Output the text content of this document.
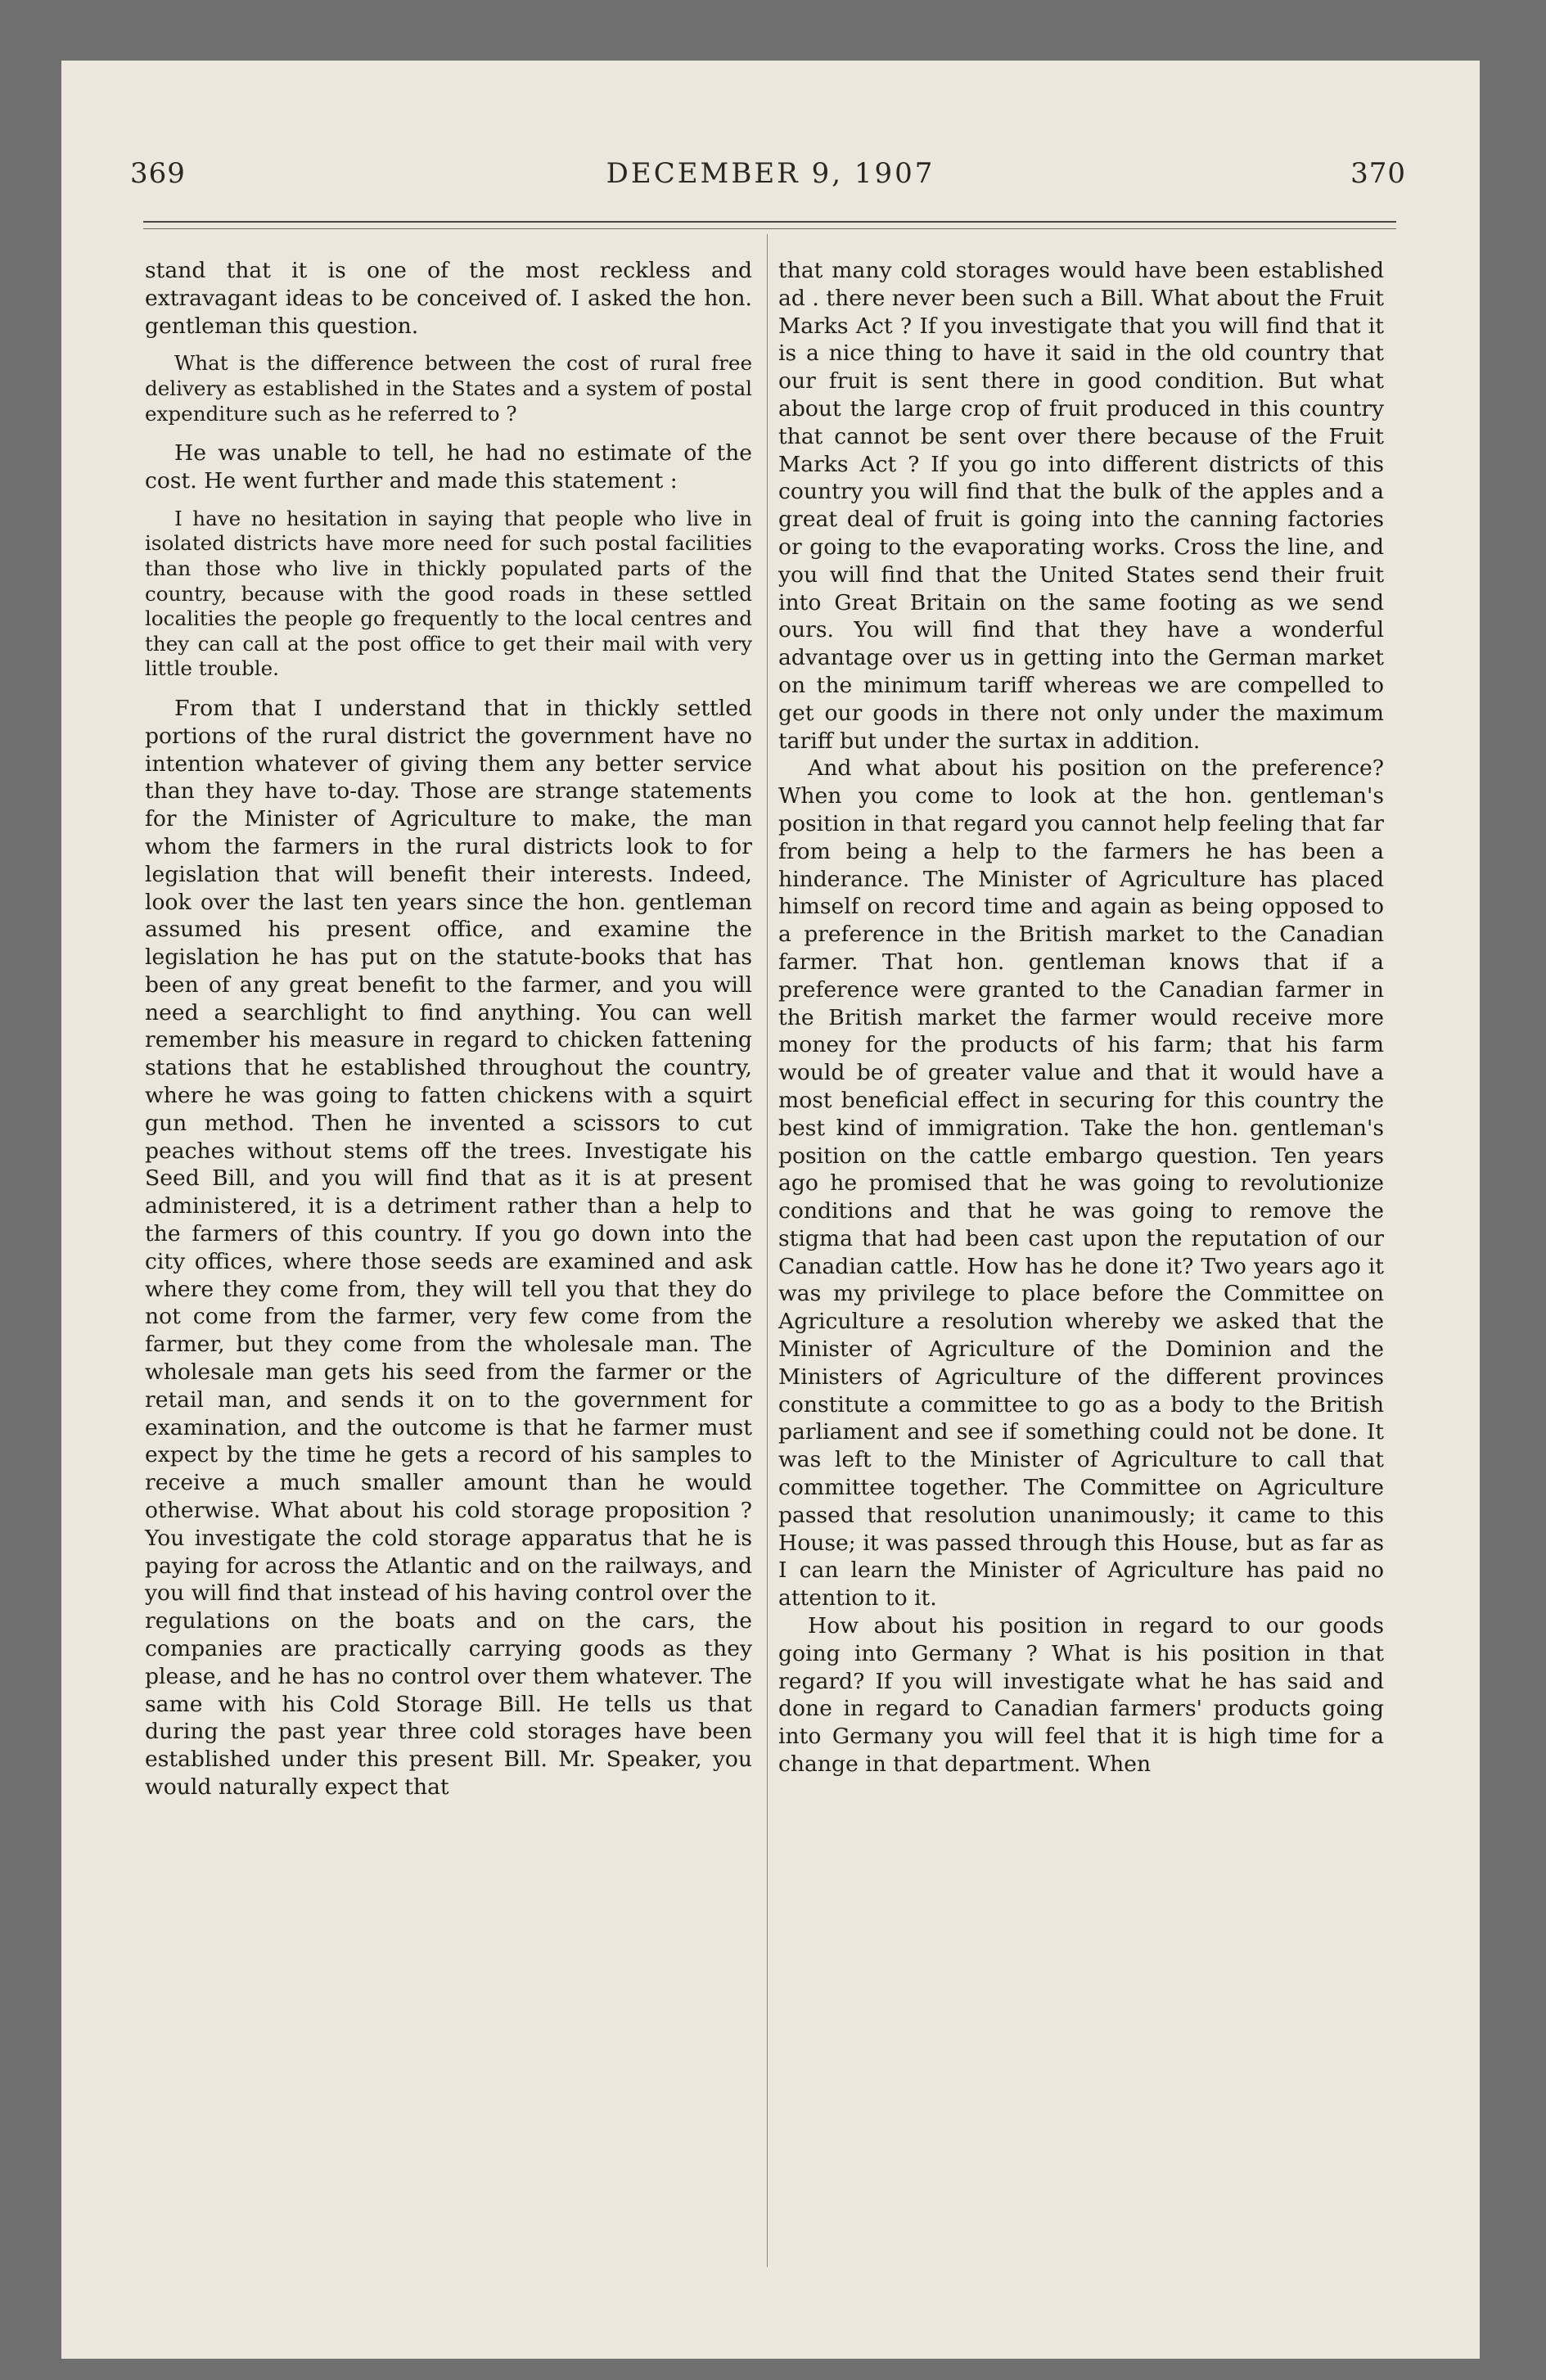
369	DECEMBER 9, 1907	370

stand that it is one of the most reckless and extravagant ideas to be conceived of. I asked the hon. gentleman this question.

What is the difference between the cost of rural free delivery as established in the States and a system of postal expenditure such as he referred to ?

He was unable to tell, he had no estimate of the cost. He went further and made this statement :

I have no hesitation in saying that people who live in isolated districts have more need for such postal facilities than those who live in thickly populated parts of the country, because with the good roads in these settled localities the people go frequently to the local centres and they can call at the post office to get their mail with very little trouble.

From that I understand that in thickly settled portions of the rural district the government have no intention whatever of giving them any better service than they have to-day. Those are strange statements for the Minister of Agriculture to make, the man whom the farmers in the rural districts look to for legislation that will benefit their interests. Indeed, look over the last ten years since the hon. gentleman assumed his present office, and examine the legislation he has put on the statute-books that has been of any great benefit to the farmer, and you will need a searchlight to find anything. You can well remember his measure in regard to chicken fattening stations that he established throughout the country, where he was going to fatten chickens with a squirt gun method. Then he invented a scissors to cut peaches without stems off the trees. Investigate his Seed Bill, and you will find that as it is at present administered, it is a detriment rather than a help to the farmers of this country. If you go down into the city offices, where those seeds are examined and ask where they come from, they will tell you that they do not come from the farmer, very few come from the farmer, but they come from the wholesale man. The wholesale man gets his seed from the farmer or the retail man, and sends it on to the government for examination, and the outcome is that he farmer must expect by the time he gets a record of his samples to receive a much smaller amount than he would otherwise. What about his cold storage proposition ? You investigate the cold storage apparatus that he is paying for across the Atlantic and on the railways, and you will find that instead of his having control over the regulations on the boats and on the cars, the companies are practically carrying goods as they please, and he has no control over them whatever. The same with his Cold Storage Bill. He tells us that during the past year three cold storages have been established under this present Bill. Mr. Speaker, you would naturally expect that

that many cold storages would have been established ad . there never been such a Bill. What about the Fruit Marks Act ? If you investigate that you will find that it is a nice thing to have it said in the old country that our fruit is sent there in good condition. But what about the large crop of fruit produced in this country that cannot be sent over there because of the Fruit Marks Act ? If you go into different districts of this country you will find that the bulk of the apples and a great deal of fruit is going into the canning factories or going to the evaporating works. Cross the line, and you will find that the United States send their fruit into Great Britain on the same footing as we send ours. You will find that they have a wonderful advantage over us in getting into the German market on the minimum tariff whereas we are compelled to get our goods in there not only under the maximum tariff but under the surtax in addition.

And what about his position on the preference? When you come to look at the hon. gentleman's position in that regard you cannot help feeling that far from being a help to the farmers he has been a hinderance. The Minister of Agriculture has placed himself on record time and again as being opposed to a preference in the British market to the Canadian farmer. That hon. gentleman knows that if a preference were granted to the Canadian farmer in the British market the farmer would receive more money for the products of his farm; that his farm would be of greater value and that it would have a most beneficial effect in securing for this country the best kind of immigration. Take the hon. gentleman's position on the cattle embargo question. Ten years ago he promised that he was going to revolutionize conditions and that he was going to remove the stigma that had been cast upon the reputation of our Canadian cattle. How has he done it? Two years ago it was my privilege to place before the Committee on Agriculture a resolution whereby we asked that the Minister of Agriculture of the Dominion and the Ministers of Agriculture of the different provinces constitute a committee to go as a body to the British parliament and see if something could not be done. It was left to the Minister of Agriculture to call that committee together. The Committee on Agriculture passed that resolution unanimously; it came to this House; it was passed through this House, but as far as I can learn the Minister of Agriculture has paid no attention to it.

How about his position in regard to our goods going into Germany ? What is his position in that regard? If you will investigate what he has said and done in regard to Canadian farmers' products going into Germany you will feel that it is high time for a change in that department. When
